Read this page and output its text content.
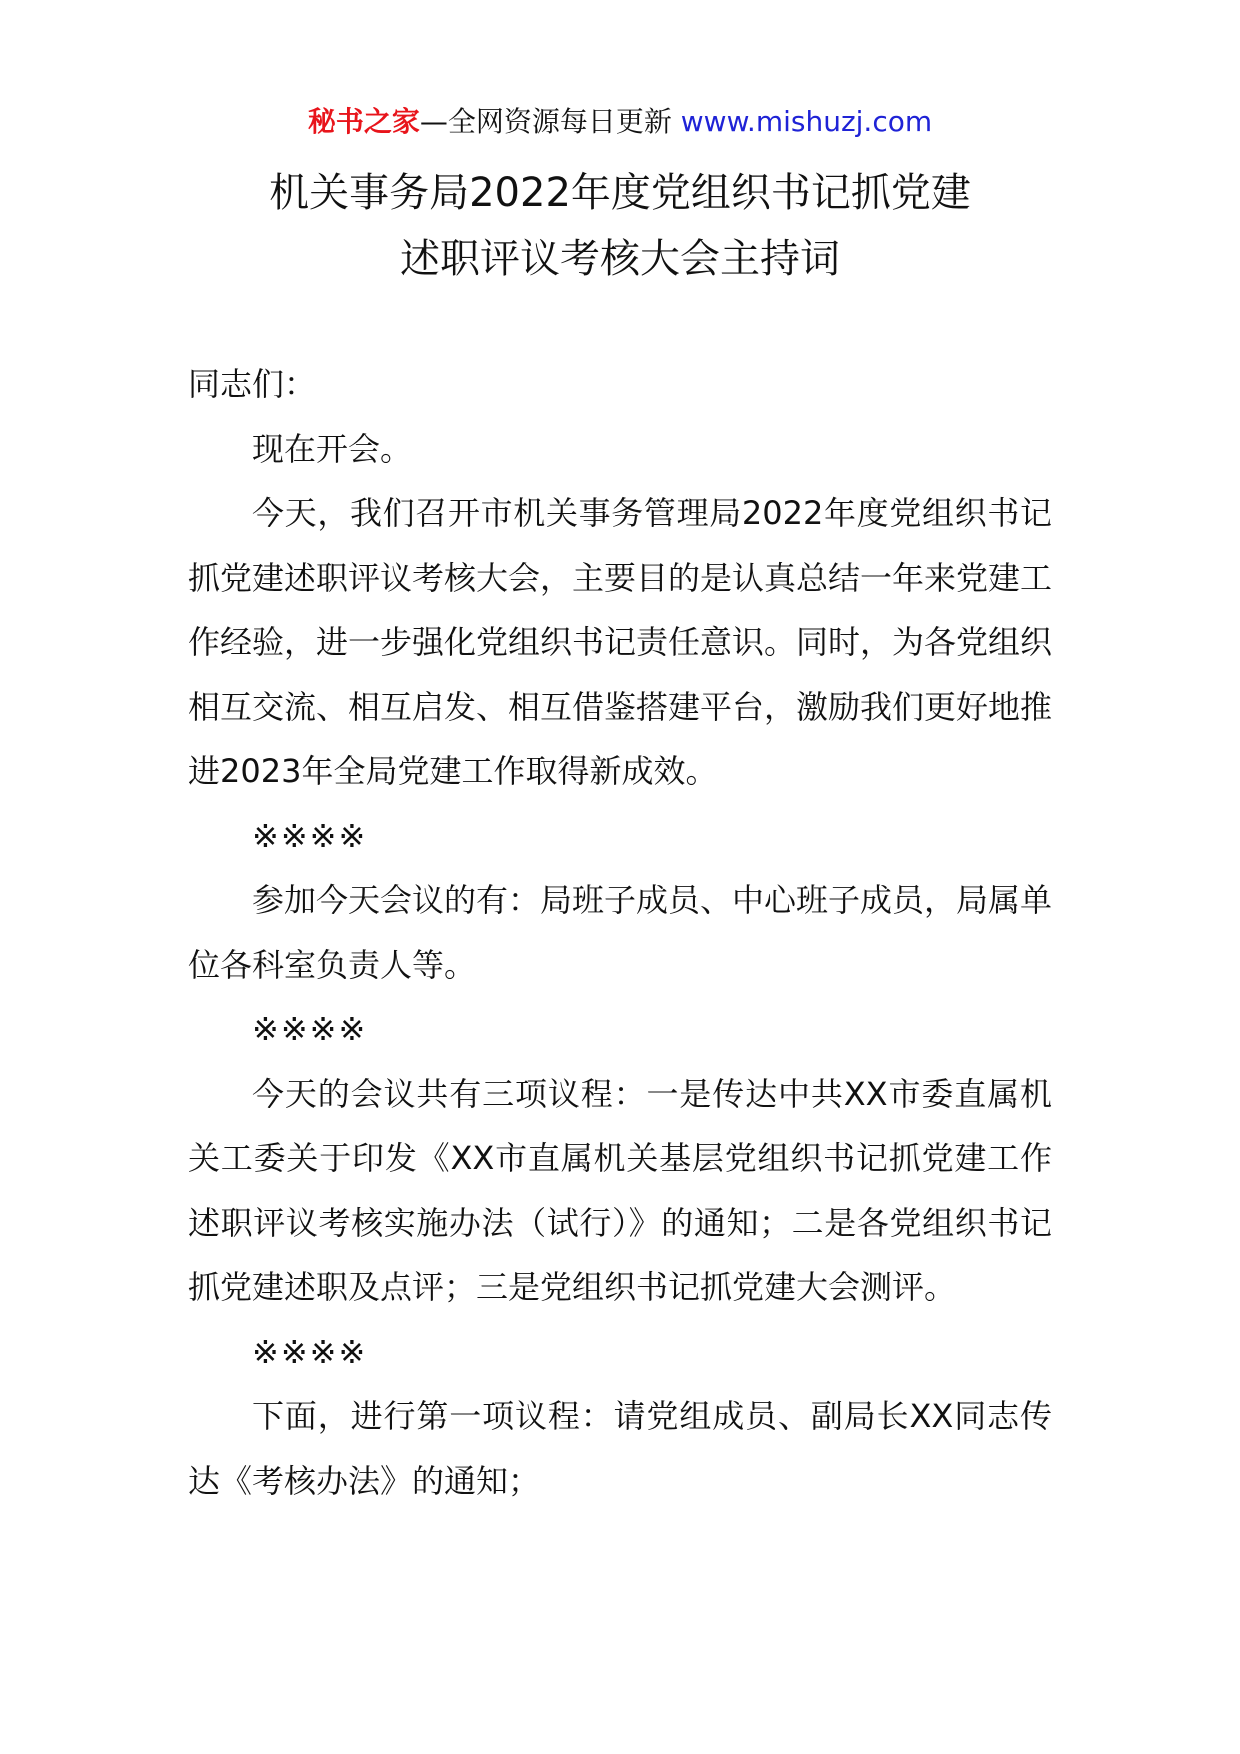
秘书之家—全网资源每日更新 www.mishuzj.com
机关事务局2022年度党组织书记抓党建
述职评议考核大会主持词

同志们：

现在开会。

今天，我们召开市机关事务管理局2022年度党组织书记抓党建述职评议考核大会，主要目的是认真总结一年来党建工作经验，进一步强化党组织书记责任意识。同时，为各党组织相互交流、相互启发、相互借鉴搭建平台，激励我们更好地推进2023年全局党建工作取得新成效。

※※※※

参加今天会议的有：局班子成员、中心班子成员，局属单位各科室负责人等。

※※※※

今天的会议共有三项议程：一是传达中共XX市委直属机关工委关于印发《XX市直属机关基层党组织书记抓党建工作述职评议考核实施办法（试行）》的通知；二是各党组织书记抓党建述职及点评；三是党组织书记抓党建大会测评。

※※※※

下面，进行第一项议程：请党组成员、副局长XX同志传达《考核办法》的通知；
